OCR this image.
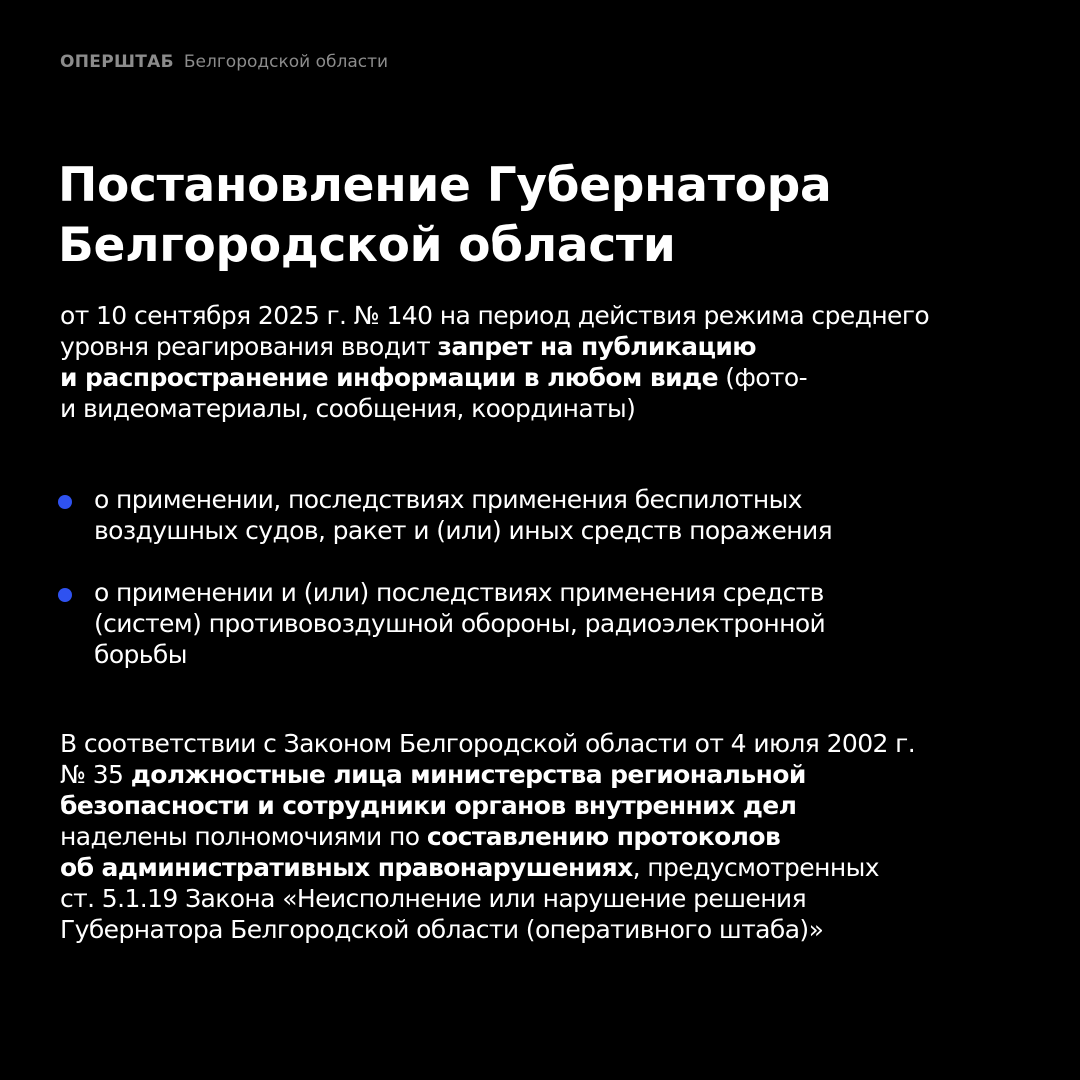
ОПЕРШТАБ Белгородской области
Постановление Губернатора
Белгородской области
от 10 сентября 2025 г. № 140 на период действия режима среднего
уровня реагирования вводит запрет на публикацию
и распространение информации в любом виде (фото-
и видеоматериалы, сообщения, координаты)
о применении, последствиях применения беспилотных
воздушных судов, ракет и (или) иных средств поражения
о применении и (или) последствиях применения средств
(систем) противовоздушной обороны, радиоэлектронной
борьбы
В соответствии с Законом Белгородской области от 4 июля 2002 г.
№ 35 должностные лица министерства региональной
безопасности и сотрудники органов внутренних дел
наделены полномочиями по составлению протоколов
об административных правонарушениях, предусмотренных
ст. 5.1.19 Закона «Неисполнение или нарушение решения
Губернатора Белгородской области (оперативного штаба)»
